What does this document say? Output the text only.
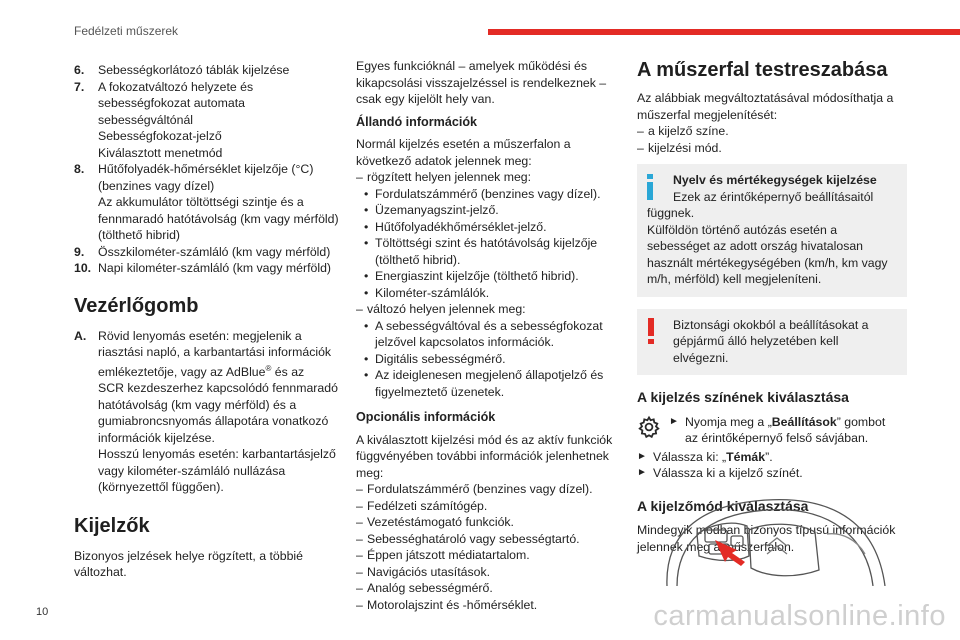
Fedélzeti műszerek
6.	Sebességkorlátozó táblák kijelzése
7.	A fokozatváltozó helyzete és
sebességfokozat automata
sebességváltónál
Sebességfokozat-jelző
Kiválasztott menetmód
8.	Hűtőfolyadék-hőmérséklet kijelzője (°C)
(benzines vagy dízel)
Az akkumulátor töltöttségi szintje és a
fennmaradó hatótávolság (km vagy mérföld)
(tölthető hibrid)
9.	Összkilométer-számláló (km vagy mérföld)
10. Napi kilométer-számláló (km vagy mérföld)
Vezérlőgomb
A. Rövid lenyomás esetén: megjelenik a
riasztási napló, a karbantartási információk
emlékeztetője, vagy az AdBlue® és az
SCR kezdeszerhez kapcsolódó fennmaradó
hatótávolság (km vagy mérföld) és a
gumiabroncsnyomás állapotára vonatkozó
információk kijelzése.
Hosszú lenyomás esetén: karbantartásjelző
vagy kilométer-számláló nullázása
(környezettől függően).
Kijelzők
Bizonyos jelzések helye rögzített, a többié
változhat.
Egyes funkcióknál – amelyek működési és
kikapcsolási visszajelzéssel is rendelkeznek –
csak egy kijelölt hely van.
Állandó információk
Normál kijelzés esetén a műszerfalon a
következő adatok jelennek meg:
– rögzített helyen jelennek meg:
• Fordulatszámmérő (benzines vagy dízel).
• Üzemanyagszint-jelző.
• Hűtőfolyadékhőmérséklet-jelző.
• Töltöttségi szint és hatótávolság kijelzője
(tölthető hibrid).
• Energiaszint kijelzője (tölthető hibrid).
• Kilométer-számlálók.
– változó helyen jelennek meg:
• A sebességváltóval és a sebességfokozat
jelzővel kapcsolatos információk.
• Digitális sebességmérő.
• Az ideiglenesen megjelenő állapotjelző és
figyelmeztető üzenetek.
Opcionális információk
A kiválasztott kijelzési mód és az aktív funkciók
függvényében további információk jelenhetnek
meg:
– Fordulatszámmérő (benzines vagy dízel).
– Fedélzeti számítógép.
– Vezetéstámogató funkciók.
– Sebességhatároló vagy sebességtartó.
– Éppen játszott médiatartalom.
– Navigációs utasítások.
– Analóg sebességmérő.
– Motorolajszint és -hőmérséklet.
A műszerfal testreszabása
Az alábbiak megváltoztatásával módosíthatja a
műszerfal megjelenítését:
– a kijelző színe.
– kijelzési mód.
Nyelv és mértékegységek kijelzése
Ezek az érintőképernyő beállításaitól
függnek.
Külföldön történő autózás esetén a
sebességet az adott ország hivatalosan
használt mértékegységében (km/h, km vagy
m/h, mérföld) kell megjeleníteni.
Biztonsági okokból a beállításokat a
gépjármű álló helyzetében kell elvégezni.
A kijelzés színének kiválasztása
► Nyomja meg a „Beállítások” gombot
az érintőképernyő felső sávjában.
► Válassza ki: „Témák”.
► Válassza ki a kijelző színét.
A kijelzőmód kiválasztása
Mindegyik módban bizonyos típusú információk
jelennek meg a műszerfalon.
10	carmanualsonline.info
